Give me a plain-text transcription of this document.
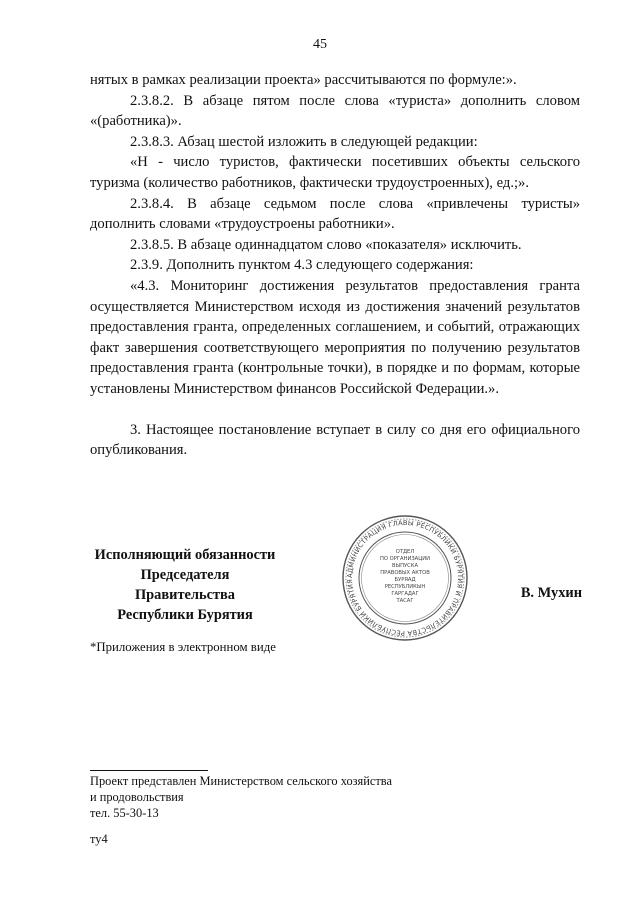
45

нятых в рамках реализации проекта» рассчитываются по формуле:».

2.3.8.2. В абзаце пятом после слова «туриста» дополнить словом «(работника)».

2.3.8.3. Абзац шестой изложить в следующей редакции:

«Н - число туристов, фактически посетивших объекты сельского туризма (количество работников, фактически трудоустроенных), ед.;».

2.3.8.4. В абзаце седьмом после слова «привлечены туристы» дополнить словами «трудоустроены работники».

2.3.8.5. В абзаце одиннадцатом слово «показателя» исключить.

2.3.9. Дополнить пунктом 4.3 следующего содержания:

«4.3. Мониторинг достижения результатов предоставления гранта осуществляется Министерством исходя из достижения значений результатов предоставления гранта, определенных соглашением, и событий, отражающих факт завершения соответствующего мероприятия по получению результатов предоставления гранта (контрольные точки), в порядке и по формам, которые установлены Министерством финансов Российской Федерации.».

3. Настоящее постановление вступает в силу со дня его официального опубликования.

Исполняющий обязанности
Председателя Правительства
Республики Бурятия
АДМИНИСТРАЦИЯ ГЛАВЫ РЕСПУБЛИКИ БУРЯТИЯ И ПРАВИТЕЛЬСТВА РЕСПУБЛИКИ БУРЯТИЯ
ОТДЕЛ
ПО ОРГАНИЗАЦИИ
ВЫПУСКА
ПРАВОВЫХ АКТОВ
БУРЯАД
РЕСПУБЛИКЫН
ГАРГАДАГ
ТАСАГ	В. Мухин
*Приложения в электронном виде
Проект представлен Министерством сельского хозяйства
и продовольствия
тел. 55-30-13
ту4
